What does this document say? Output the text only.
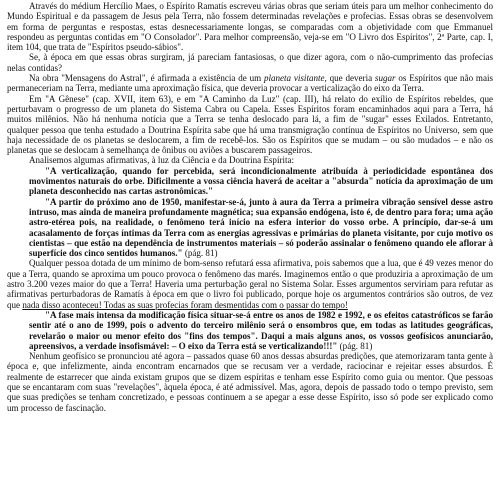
Através do médium Hercílio Maes, o Espírito Ramatís escreveu várias obras que seriam úteis para um melhor conhecimento do Mundo Espiritual e da passagem de Jesus pela Terra, não fossem determinadas revelações e profecias. Essas obras se desenvolvem em forma de perguntas e respostas, estas desnecessariamente longas, se comparadas com a objetividade com que Emmanuel respondeu as perguntas contidas em "O Consolador". Para melhor compreensão, veja-se em "O Livro dos Espíritos", 2ª Parte, cap. I, item 104, que trata de "Espíritos pseudo-sábios".

Se, à época em que essas obras surgiram, já pareciam fantasiosas, o que dizer agora, com o não-cumprimento das profecias nelas contidas?

Na obra "Mensagens do Astral", é afirmada a existência de um planeta visitante, que deveria sugar os Espíritos que não mais permaneceriam na Terra, mediante uma aproximação física, que deveria provocar a verticalização do eixo da Terra.

Em "A Gênese" (cap. XVII, item 63), e em "A Caminho da Luz" (cap. III), há relato do exílio de Espíritos rebeldes, que perturbavam o progresso de um planeta do Sistema Cabra ou Capela. Esses Espíritos foram encaminhados aqui para a Terra, há muitos milênios. Não há nenhuma notícia que a Terra se tenha deslocado para lá, a fim de "sugar" esses Exilados. Entretanto, qualquer pessoa que tenha estudado a Doutrina Espírita sabe que há uma transmigração contínua de Espíritos no Universo, sem que haja necessidade de os planetas se deslocarem, a fim de recebê-los. São os Espíritos que se mudam – ou são mudados – e não os planetas que se deslocam à semelhança de ônibus ou aviões a buscarem passageiros.

Analisemos algumas afirmativas, à luz da Ciência e da Doutrina Espírita:

"A verticalização, quando for percebida, será incondicionalmente atribuída à periodicidade espontânea dos movimentos naturais do orbe. Dificilmente a vossa ciência haverá de aceitar a "absurda" notícia da aproximação de um planeta desconhecido nas cartas astronômicas."

"A partir do próximo ano de 1950, manifestar-se-á, junto à aura da Terra a primeira vibração sensível desse astro intruso, mas ainda de maneira profundamente magnética; sua expansão endógena, isto é, de dentro para fora; uma ação astro-etérea pois, na realidade, o fenômeno terá início na esfera interior do vosso orbe. A princípio, dar-se-á um acasalamento de forças íntimas da Terra com as energias agressivas e primárias do planeta visitante, por cujo motivo os cientistas – que estão na dependência de instrumentos materiais – só poderão assinalar o fenômeno quando ele aflorar à superfície dos cinco sentidos humanos." (pág. 81)

Qualquer pessoa dotada de um mínimo de bom-senso refutará essa afirmativa, pois sabemos que a lua, que é 49 vezes menor do que a Terra, quando se aproxima um pouco provoca o fenômeno das marés. Imaginemos então o que produziria a aproximação de um astro 3.200 vezes maior do que a Terra! Haveria uma perturbação geral no Sistema Solar. Esses argumentos serviriam para refutar as afirmativas perturbadoras de Ramatís à época em que o livro foi publicado, porque hoje os argumentos contrários são outros, de vez que nada disso aconteceu! Todas as suas profecias foram desmentidas com o passar do tempo!

"A fase mais intensa da modificação física situar-se-á entre os anos de 1982 e 1992, e os efeitos catastróficos se farão sentir até o ano de 1999, pois o advento do terceiro milênio será o ensombros que, em todas as latitudes geográficas, revelarão o maior ou menor efeito dos "fins dos tempos". Daqui a mais alguns anos, os vossos geofísicos anunciarão, apreensivos, a verdade insofismável: – O eixo da Terra está se verticalizando!!!" (pág. 81)

Nenhum geofísico se pronunciou até agora – passados quase 60 anos dessas absurdas predições, que atemorizaram tanta gente à época e, que infelizmente, ainda encontram encarnados que se recusam ver a verdade, raciocinar e rejeitar esses absurdos. É realmente de estarrecer que ainda existam grupos que se dizem espíritas e tenham esse Espírito como guia ou mentor. Que pessoas que se encantaram com suas "revelações", àquela época, é até admissível. Mas, agora, depois de passado todo o tempo previsto, sem que suas predições se tenham concretizado, e pessoas continuem a se apegar a esse desse Espírito, isso só pode ser explicado como um processo de fascinação.
